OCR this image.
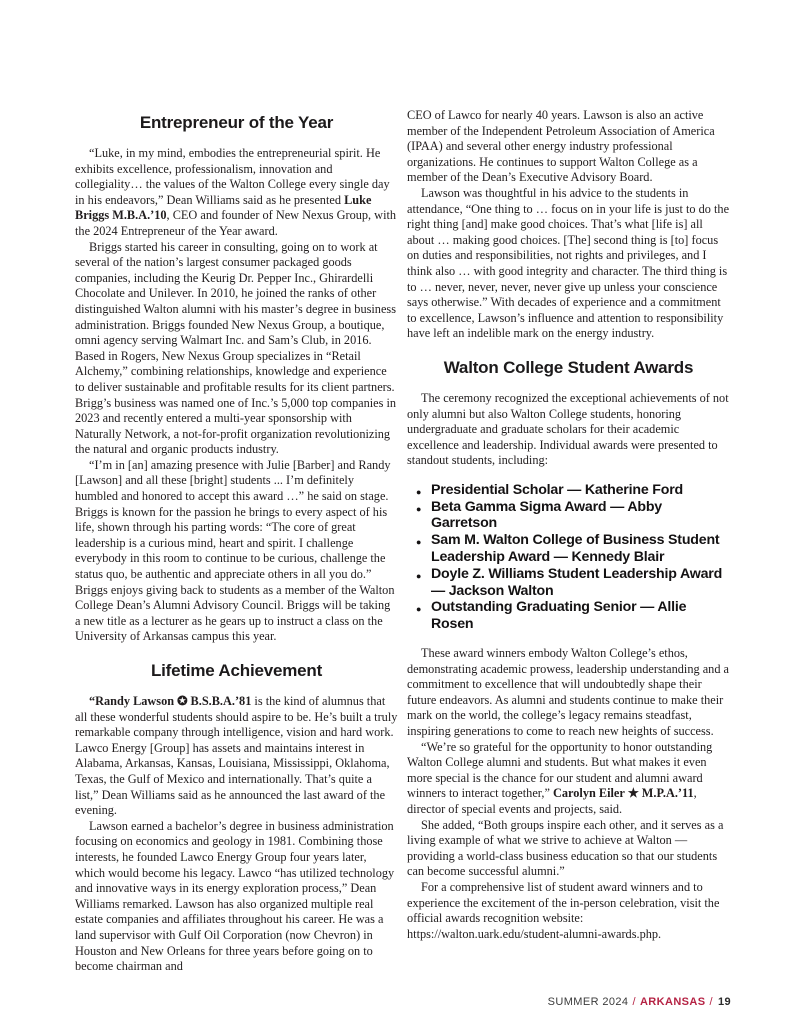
Entrepreneur of the Year

“Luke, in my mind, embodies the entrepreneurial spirit. He exhibits excellence, professionalism, innovation and collegiality… the values of the Walton College every single day in his endeavors,” Dean Williams said as he presented Luke Briggs M.B.A.’10, CEO and founder of New Nexus Group, with the 2024 Entrepreneur of the Year award.

Briggs started his career in consulting, going on to work at several of the nation’s largest consumer packaged goods companies, including the Keurig Dr. Pepper Inc., Ghirardelli Chocolate and Unilever. In 2010, he joined the ranks of other distinguished Walton alumni with his master’s degree in business administration. Briggs founded New Nexus Group, a boutique, omni agency serving Walmart Inc. and Sam’s Club, in 2016. Based in Rogers, New Nexus Group specializes in “Retail Alchemy,” combining relationships, knowledge and experience to deliver sustainable and profitable results for its client partners. Brigg’s business was named one of Inc.’s 5,000 top companies in 2023 and recently entered a multi-year sponsorship with Naturally Network, a not-for-profit organization revolutionizing the natural and organic products industry.

“I’m in [an] amazing presence with Julie [Barber] and Randy [Lawson] and all these [bright] students ... I’m definitely humbled and honored to accept this award …” he said on stage. Briggs is known for the passion he brings to every aspect of his life, shown through his parting words: “The core of great leadership is a curious mind, heart and spirit. I challenge everybody in this room to continue to be curious, challenge the status quo, be authentic and appreciate others in all you do.” Briggs enjoys giving back to students as a member of the Walton College Dean’s Alumni Advisory Council. Briggs will be taking a new title as a lecturer as he gears up to instruct a class on the University of Arkansas campus this year.

Lifetime Achievement

“Randy Lawson ✪ B.S.B.A.’81 is the kind of alumnus that all these wonderful students should aspire to be. He’s built a truly remarkable company through intelligence, vision and hard work. Lawco Energy [Group] has assets and maintains interest in Alabama, Arkansas, Kansas, Louisiana, Mississippi, Oklahoma, Texas, the Gulf of Mexico and internationally. That’s quite a list,” Dean Williams said as he announced the last award of the evening.

Lawson earned a bachelor’s degree in business administration focusing on economics and geology in 1981. Combining those interests, he founded Lawco Energy Group four years later, which would become his legacy. Lawco “has utilized technology and innovative ways in its energy exploration process,” Dean Williams remarked. Lawson has also organized multiple real estate companies and affiliates throughout his career. He was a land supervisor with Gulf Oil Corporation (now Chevron) in Houston and New Orleans for three years before going on to become chairman and

CEO of Lawco for nearly 40 years. Lawson is also an active member of the Independent Petroleum Association of America (IPAA) and several other energy industry professional organizations. He continues to support Walton College as a member of the Dean’s Executive Advisory Board.

Lawson was thoughtful in his advice to the students in attendance, “One thing to … focus on in your life is just to do the right thing [and] make good choices. That’s what [life is] all about … making good choices. [The] second thing is [to] focus on duties and responsibilities, not rights and privileges, and I think also … with good integrity and character. The third thing is to … never, never, never, never give up unless your conscience says otherwise.” With decades of experience and a commitment to excellence, Lawson’s influence and attention to responsibility have left an indelible mark on the energy industry.

Walton College Student Awards

The ceremony recognized the exceptional achievements of not only alumni but also Walton College students, honoring undergraduate and graduate scholars for their academic excellence and leadership. Individual awards were presented to standout students, including:

● Presidential Scholar — Katherine Ford
● Beta Gamma Sigma Award — Abby Garretson
● Sam M. Walton College of Business Student Leadership Award — Kennedy Blair
● Doyle Z. Williams Student Leadership Award — Jackson Walton
● Outstanding Graduating Senior — Allie Rosen

These award winners embody Walton College’s ethos, demonstrating academic prowess, leadership understanding and a commitment to excellence that will undoubtedly shape their future endeavors. As alumni and students continue to make their mark on the world, the college’s legacy remains steadfast, inspiring generations to come to reach new heights of success.

“We’re so grateful for the opportunity to honor outstanding Walton College alumni and students. But what makes it even more special is the chance for our student and alumni award winners to interact together,” Carolyn Eiler ★ M.P.A.’11, director of special events and projects, said.

She added, “Both groups inspire each other, and it serves as a living example of what we strive to achieve at Walton — providing a world-class business education so that our students can become successful alumni.”

For a comprehensive list of student award winners and to experience the excitement of the in-person celebration, visit the official awards recognition website: https://walton.uark.edu/student-alumni-awards.php.

SUMMER 2024 / ARKANSAS / 19
